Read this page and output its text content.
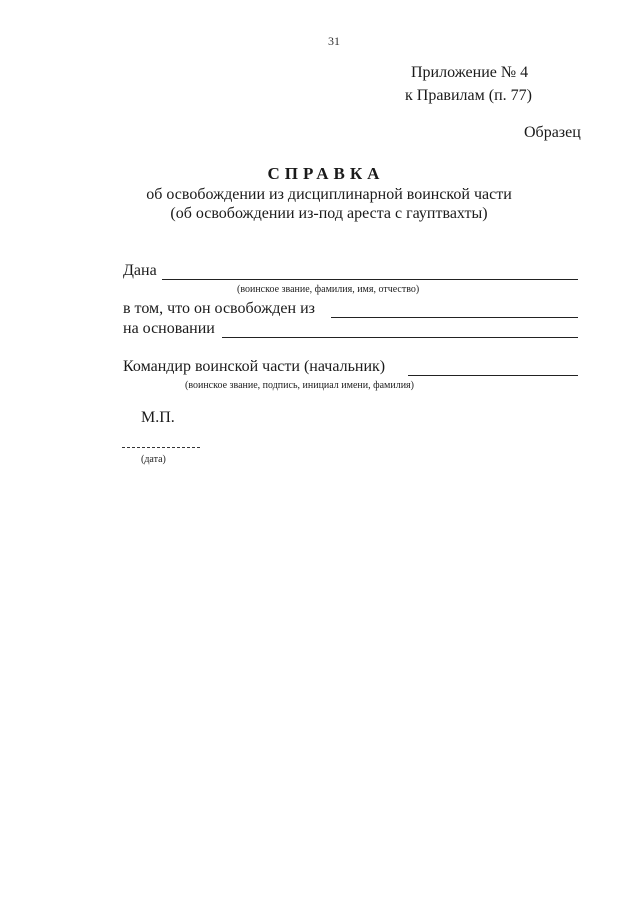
31
Приложение № 4
к Правилам (п. 77)
Образец
СПРАВКА
об освобождении из дисциплинарной воинской части
(об освобождении из-под ареста с гауптвахты)
Дана
(воинское звание, фамилия, имя, отчество)
в том, что он освобожден из
на основании
Командир воинской части (начальник)
(воинское звание, подпись, инициал имени, фамилия)
М.П.
(дата)
